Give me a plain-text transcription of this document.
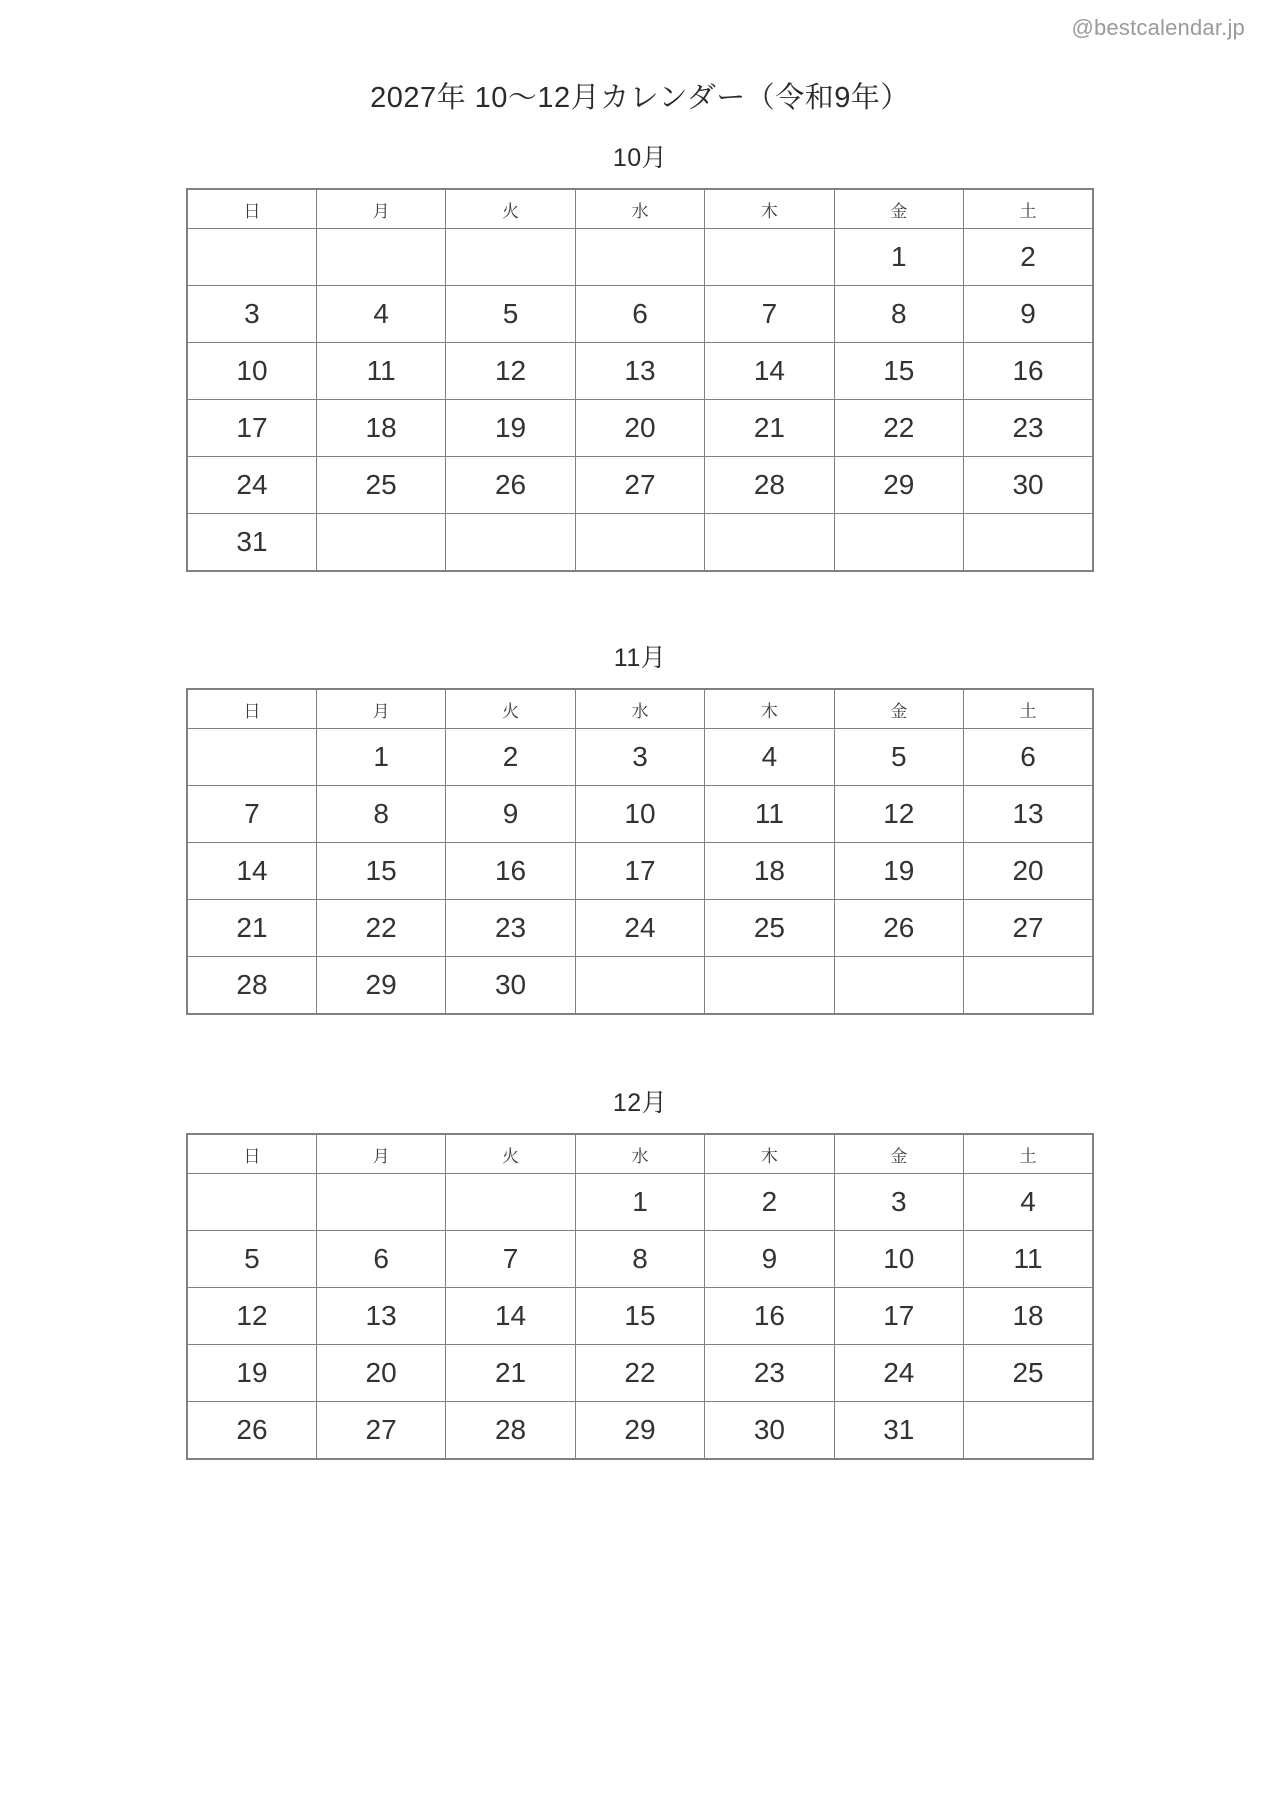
@bestcalendar.jp
2027年 10〜12月カレンダー（令和9年）
10月
日	月	火	水	木	金	土
					1	2
3	4	5	6	7	8	9
10	11	12	13	14	15	16
17	18	19	20	21	22	23
24	25	26	27	28	29	30
31						
11月
日	月	火	水	木	金	土
	1	2	3	4	5	6
7	8	9	10	11	12	13
14	15	16	17	18	19	20
21	22	23	24	25	26	27
28	29	30				
12月
日	月	火	水	木	金	土
			1	2	3	4
5	6	7	8	9	10	11
12	13	14	15	16	17	18
19	20	21	22	23	24	25
26	27	28	29	30	31	
